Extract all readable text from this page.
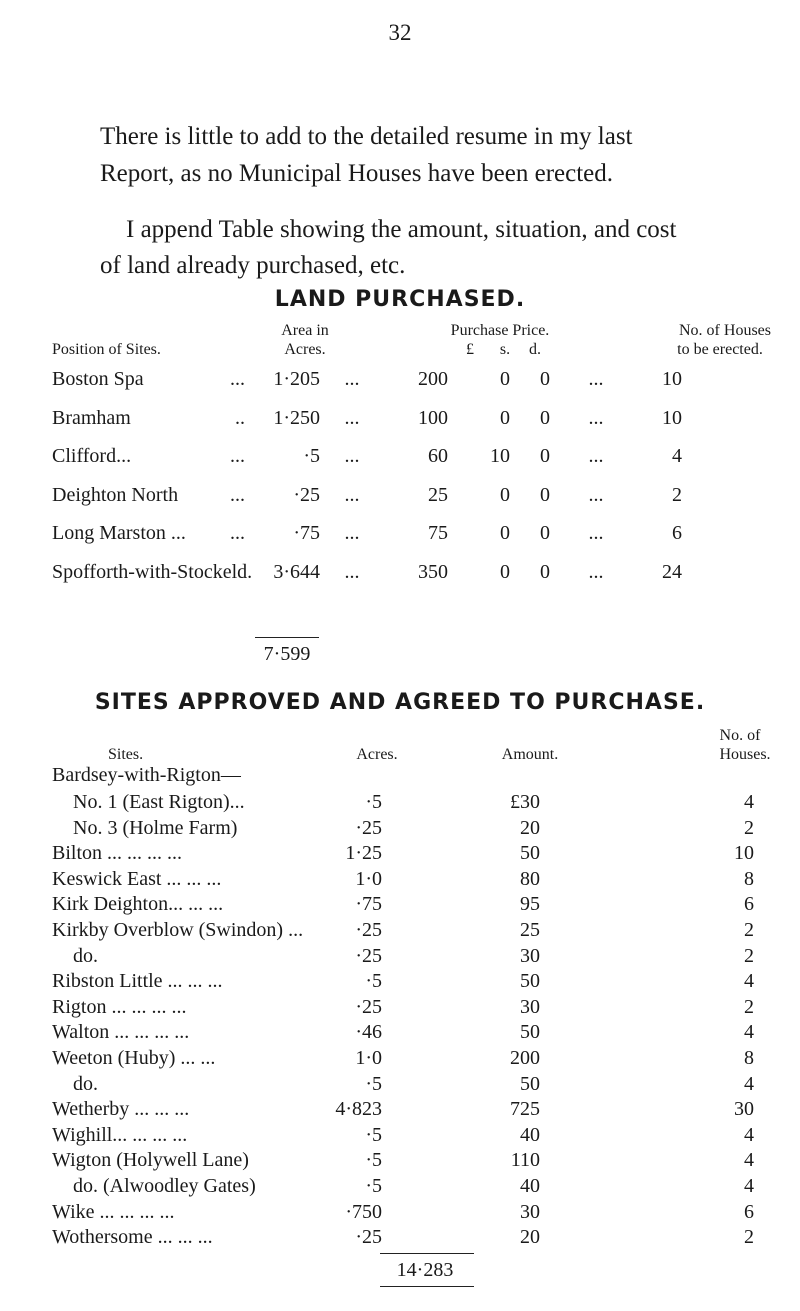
32
There is little to add to the detailed resume in my last
Report, as no Municipal Houses have been erected.
I append Table showing the amount, situation, and cost
of land already purchased, etc.
LAND PURCHASED.
Position of Sites.
Area in
Acres.
Purchase Price.
£	s.	d.
No. of Houses
to be erected.
Boston Spa	...	1·205	...	200	0	0	...	10
Bramham	..	1·250	...	100	0	0	...	10
Clifford...	...	·5	...	60	10	0	...	4
Deighton North	...	·25	...	25	0	0	...	2
Long Marston ...	...	·75	...	75	0	0	...	6
Spofforth-with-Stockeld.	3·644	...	350	0	0	...	24
7·599
SITES APPROVED AND AGREED TO PURCHASE.
Sites.	Acres.	Amount.
No. of
Houses.
Bardsey-with-Rigton—
No. 1 (East Rigton)...	·5	£30	4
No. 3 (Holme Farm)	·25	20	2
Bilton ... ... ... ...	1·25	50	10
Keswick East ... ... ...	1·0	80	8
Kirk Deighton... ... ...	·75	95	6
Kirkby Overblow (Swindon) ...	·25	25	2
do.	·25	30	2
Ribston Little ... ... ...	·5	50	4
Rigton ... ... ... ...	·25	30	2
Walton ... ... ... ...	·46	50	4
Weeton (Huby) ... ...	1·0	200	8
do.	·5	50	4
Wetherby ... ... ...	4·823	725	30
Wighill... ... ... ...	·5	40	4
Wigton (Holywell Lane)	·5	110	4
do. (Alwoodley Gates)	·5	40	4
Wike ... ... ... ...	·750	30	6
Wothersome ... ... ...	·25	20	2
14·283
